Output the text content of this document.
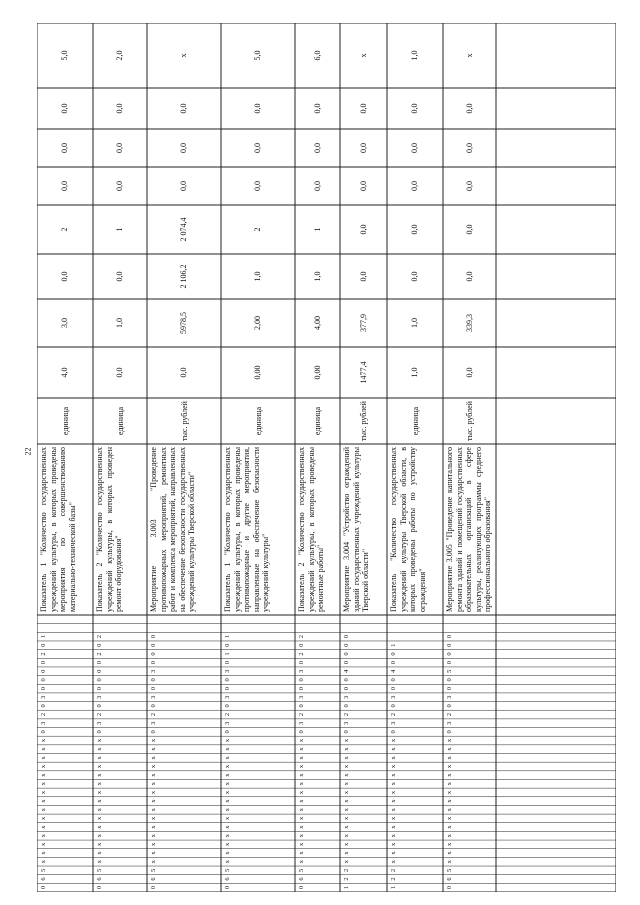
22
0
6
5
x
x
x
x
x
x
x
x
x
x
x
x
x
x
x
0
3
2
0
3
0
0
0
0
2
0
1
Показатель 1 "Количество государственных учреждений культуры, в которых проведены мероприятия по совершенствованию материально-технической базы"
единица
4,0
3,0
0,0
2
0,0
0,0
0,0
5,0
0
6
5
x
x
x
x
x
x
x
x
x
x
x
x
x
x
x
0
3
2
0
3
0
0
0
0
2
0
2
Показатель 2 "Количество государственных учреждений культуры, в которых проведен ремонт оборудования"
единица
0,0
1,0
0,0
1
0,0
0,0
0,0
2,0
0
6
5
x
x
x
x
x
x
x
x
x
x
x
x
x
x
x
0
3
2
0
3
0
0
3
0
0
0
0
Мероприятие 3.003 "Проведение противопожарных мероприятий, ремонтных работ и комплекса мероприятий, направленных на обеспечение безопасности государственных учреждений культуры Тверской области"
тыс. рублей
0,0
5978,5
2 106,2
2 074,4
0,0
0,0
0,0
x
0
6
5
x
x
x
x
x
x
x
x
x
x
x
x
x
x
x
0
3
2
0
3
0
0
3
0
1
0
1
Показатель 1 "Количество государственных учреждений культуры, в которых проведены противопожарные и другие мероприятия, направленные на обеспечение безопасности учреждений культуры"
единица
0,00
2,00
1,0
2
0,0
0,0
0,0
5,0
0
6
5
x
x
x
x
x
x
x
x
x
x
x
x
x
x
x
0
3
2
0
3
0
0
3
0
2
0
2
Показатель 2 "Количество государственных учреждений культуры, в которых проведены ремонтные работы"
единица
0,00
4,00
1,0
1
0,0
0,0
0,0
6,0
1
2
2
x
x
x
x
x
x
x
x
x
x
x
x
x
x
x
0
3
2
0
3
0
0
4
0
0
0
0
Мероприятие 3.004 "Устройство ограждений зданий государственных учреждений культуры Тверской области"
тыс. рублей
1477,4
377,9
0,0
0,0
0,0
0,0
0,0
x
1
2
2
x
x
x
x
x
x
x
x
x
x
x
x
x
x
x
0
3
2
0
3
0
0
4
0
0
1
Показатель "Количество государственных учреждений культуры Тверской области, в которых проведены работы по устройству ограждения"
единица
1,0
1,0
0,0
0,0
0,0
0,0
0,0
1,0
0
6
5
x
x
x
x
x
x
x
x
x
x
x
x
x
x
x
0
3
2
0
3
0
0
5
0
0
0
0
Мероприятие 3.005 "Проведение капитального ремонта зданий и помещений государственных образовательных организаций в сфере культуры, реализующих программы среднего профессионального образования"
тыс. рублей
0,0
339,3
0,0
0,0
0,0
0,0
0,0
x
